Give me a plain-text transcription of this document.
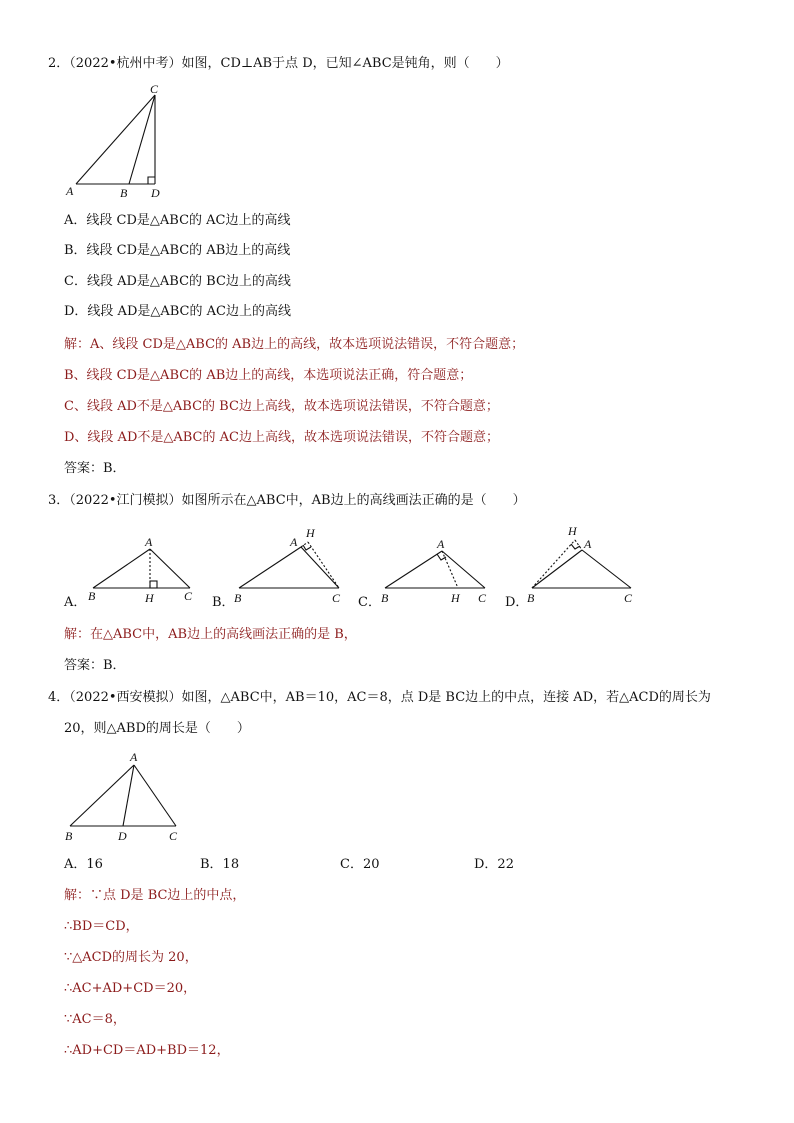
2．（2022•杭州中考）如图，CD⊥AB于点 D，已知∠ABC是钝角，则（　　）
A	B
C
D
A．线段 CD是△ABC的 AC边上的高线
B．线段 CD是△ABC的 AB边上的高线
C．线段 AD是△ABC的 BC边上的高线
D．线段 AD是△ABC的 AC边上的高线
解：A、线段 CD是△ABC的 AB边上的高线，故本选项说法错误，不符合题意；
B、线段 CD是△ABC的 AB边上的高线，本选项说法正确，符合题意；
C、线段 AD不是△ABC的 BC边上高线，故本选项说法错误，不符合题意；
D、线段 AD不是△ABC的 AC边上高线，故本选项说法错误，不符合题意；
答案：B．
3．（2022•江门模拟）如图所示在△ABC中，AB边上的高线画法正确的是（　　）
A．	B．	C．	D．
A
B	C
H
A
H
B	C
A
B	H C
H
A
B	C
解：在△ABC中，AB边上的高线画法正确的是 B，
答案：B．
4．（2022•西安模拟）如图，△ABC中，AB＝10，AC＝8，点 D是 BC边上的中点，连接 AD，若△ACD的周长为
20，则△ABD的周长是（　　）
A
B	D	C
A．16	B．18	C．20	D．22
解：∵点 D是 BC边上的中点，
∴BD＝CD，
∵△ACD的周长为 20，
∴AC+AD+CD＝20，
∵AC＝8，
∴AD+CD＝AD+BD＝12，
